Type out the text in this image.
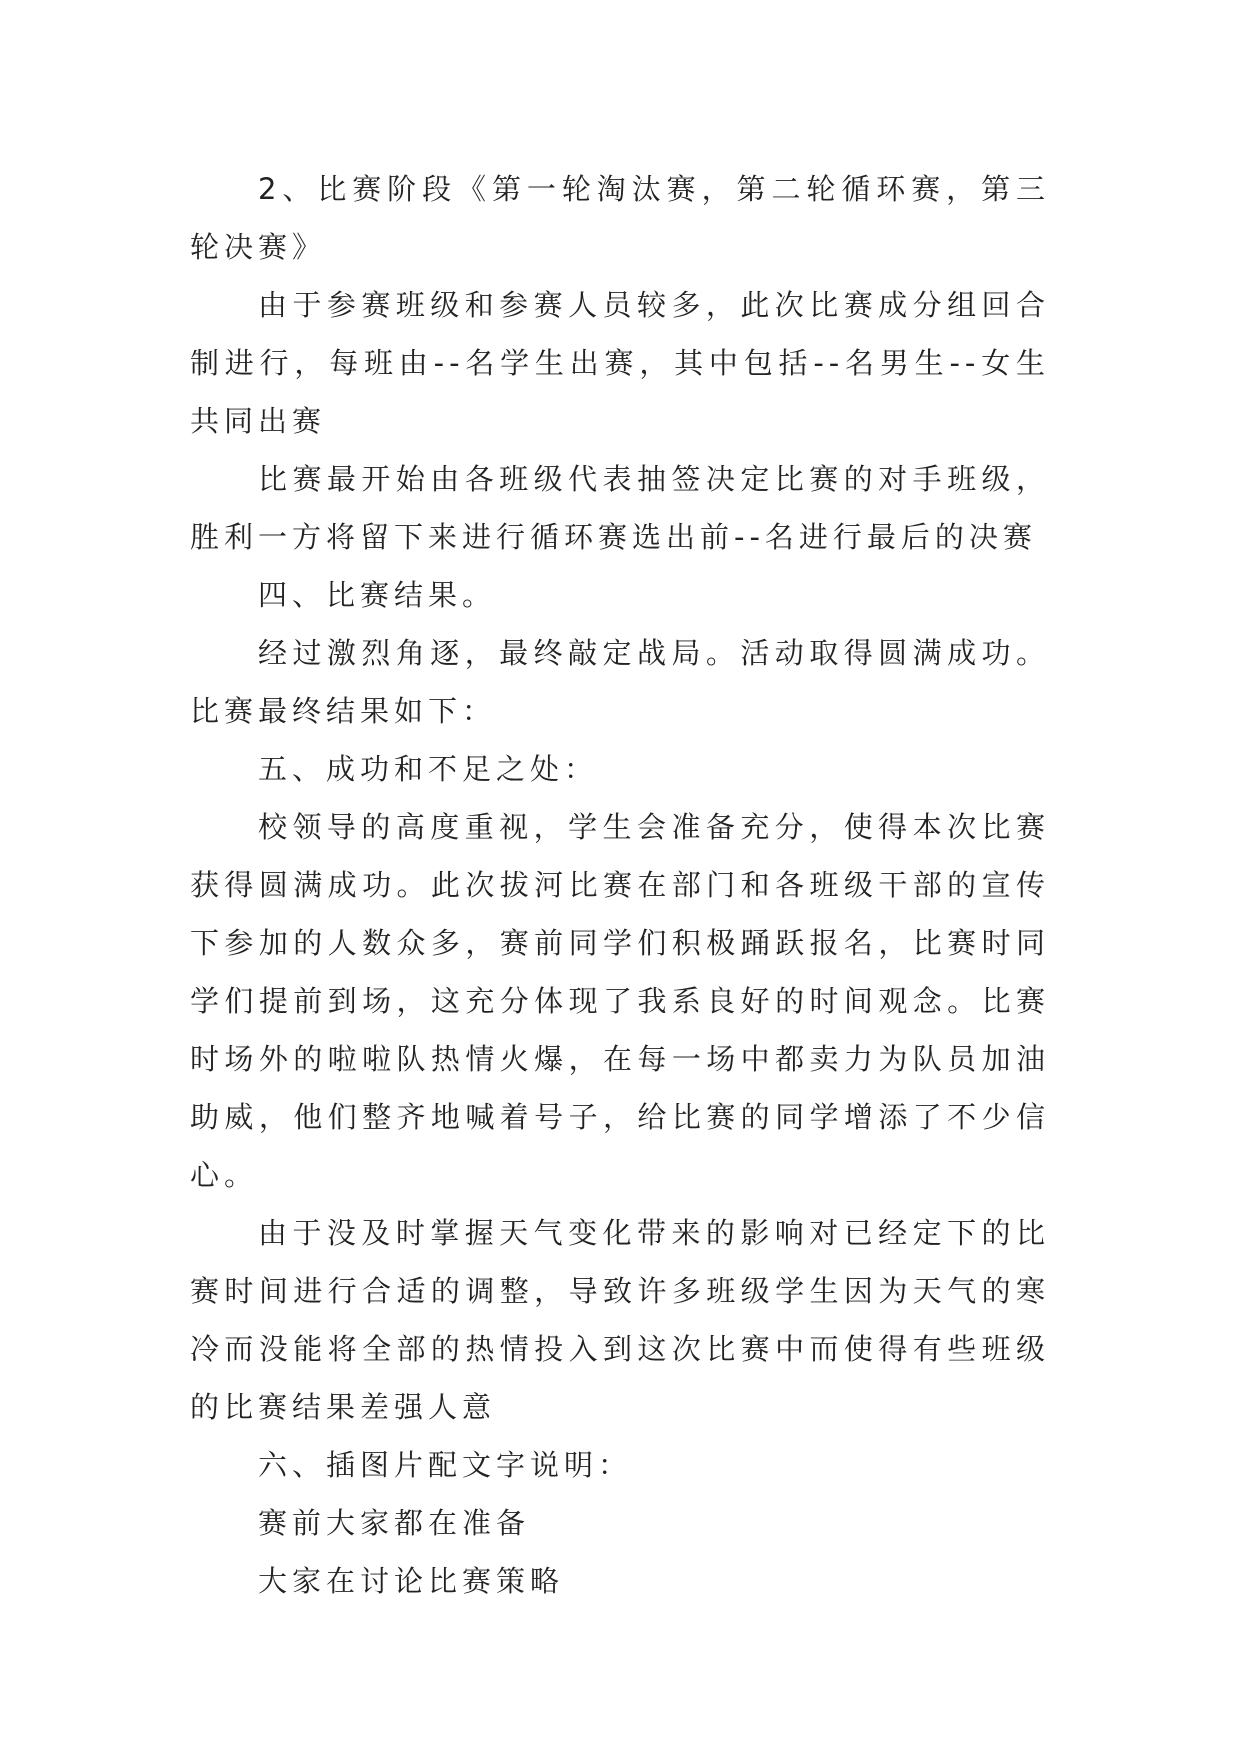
2、比赛阶段《第一轮淘汰赛，第二轮循环赛，第三轮决赛》

由于参赛班级和参赛人员较多，此次比赛成分组回合制进行，每班由--名学生出赛，其中包括--名男生--女生共同出赛

比赛最开始由各班级代表抽签决定比赛的对手班级，胜利一方将留下来进行循环赛选出前--名进行最后的决赛

四、比赛结果。

经过激烈角逐，最终敲定战局。活动取得圆满成功。比赛最终结果如下：

五、成功和不足之处：

校领导的高度重视，学生会准备充分，使得本次比赛获得圆满成功。此次拔河比赛在部门和各班级干部的宣传下参加的人数众多，赛前同学们积极踊跃报名，比赛时同学们提前到场，这充分体现了我系良好的时间观念。比赛时场外的啦啦队热情火爆，在每一场中都卖力为队员加油助威，他们整齐地喊着号子，给比赛的同学增添了不少信心。

由于没及时掌握天气变化带来的影响对已经定下的比赛时间进行合适的调整，导致许多班级学生因为天气的寒冷而没能将全部的热情投入到这次比赛中而使得有些班级的比赛结果差强人意

六、插图片配文字说明：

赛前大家都在准备

大家在讨论比赛策略
